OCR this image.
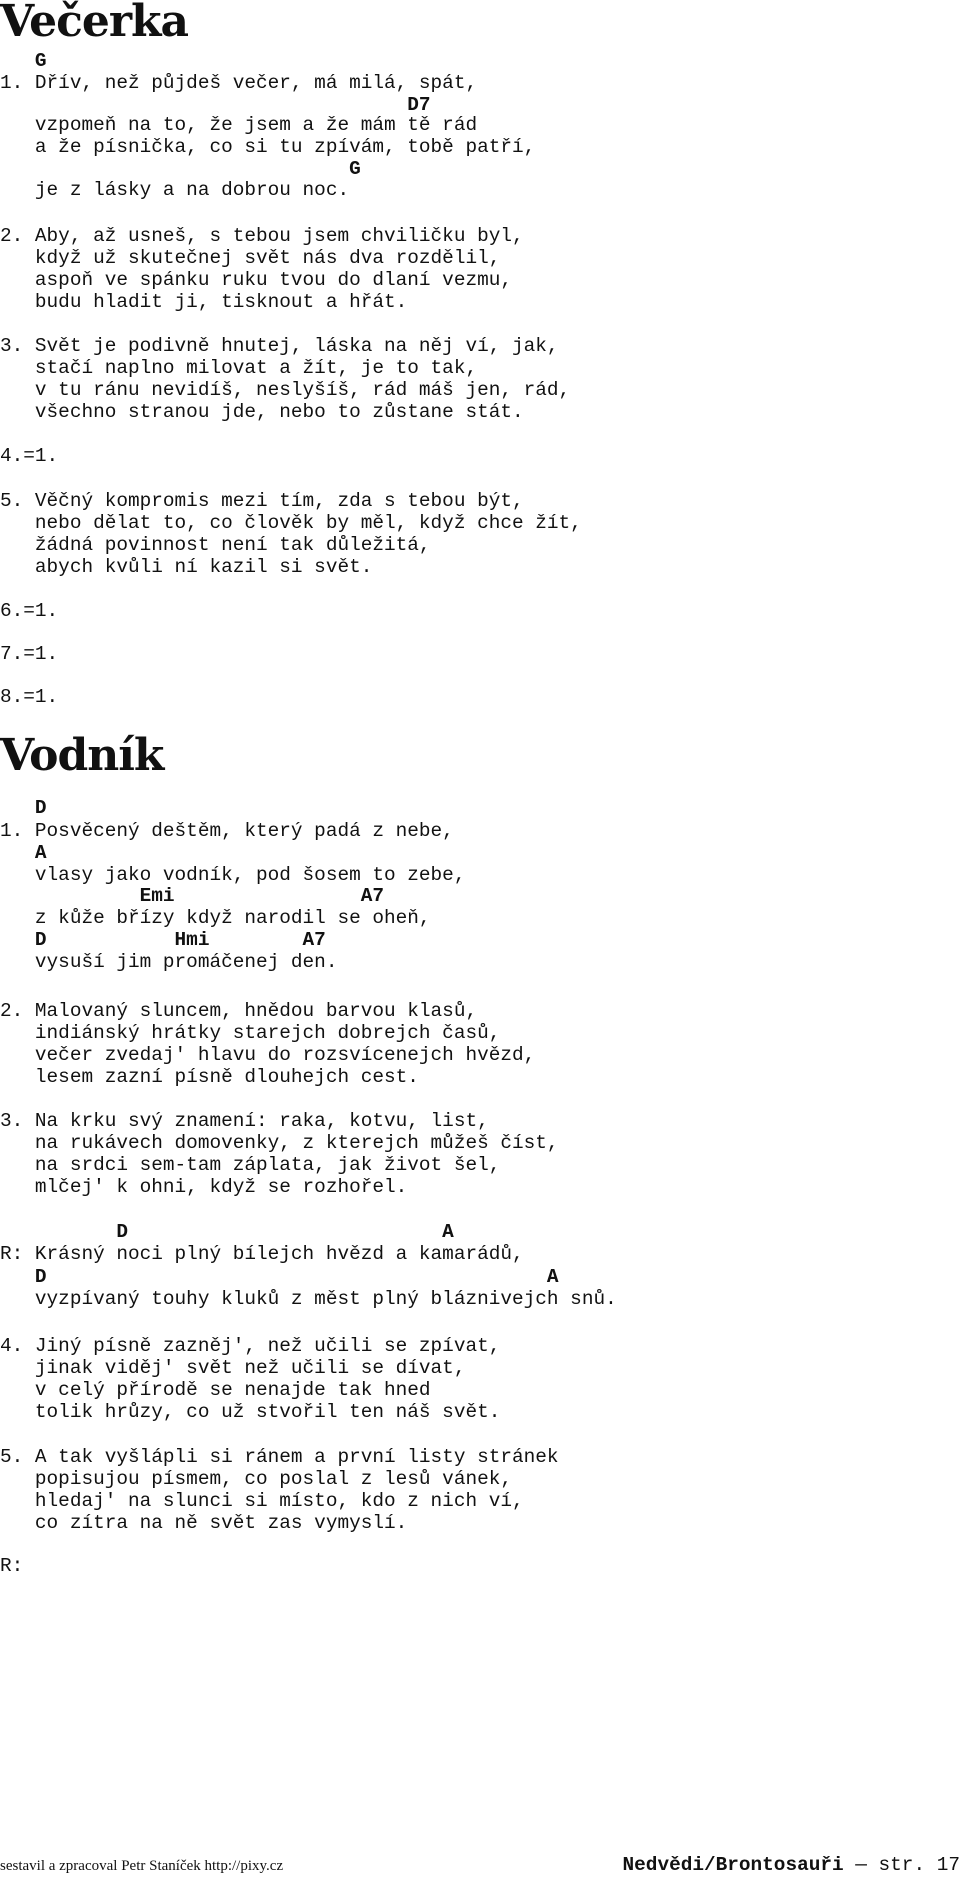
Večerka
G
1. Dřív, než půjdeš večer, má milá, spát,
D7
vzpomeň na to, že jsem a že mám tě rád
a že písnička, co si tu zpívám, tobě patří,
G
je z lásky a na dobrou noc.
2. Aby, až usneš, s tebou jsem chviličku byl,
když už skutečnej svět nás dva rozdělil,
aspoň ve spánku ruku tvou do dlaní vezmu,
budu hladit ji, tisknout a hřát.
3. Svět je podivně hnutej, láska na něj ví, jak,
stačí naplno milovat a žít, je to tak,
v tu ránu nevidíš, neslyšíš, rád máš jen, rád,
všechno stranou jde, nebo to zůstane stát.
4.=1.
5. Věčný kompromis mezi tím, zda s tebou být,
nebo dělat to, co člověk by měl, když chce žít,
žádná povinnost není tak důležitá,
abych kvůli ní kazil si svět.
6.=1.
7.=1.
8.=1.
Vodník
D
1. Posvěcený deštěm, který padá z nebe,
A
vlasy jako vodník, pod šosem to zebe,
Emi                A7
z kůže břízy když narodil se oheň,
D           Hmi        A7
vysuší jim promáčenej den.
2. Malovaný sluncem, hnědou barvou klasů,
indiánský hrátky starejch dobrejch časů,
večer zvedaj' hlavu do rozsvícenejch hvězd,
lesem zazní písně dlouhejch cest.
3. Na krku svý znamení: raka, kotvu, list,
na rukávech domovenky, z kterejch můžeš číst,
na srdci sem-tam záplata, jak život šel,
mlčej' k ohni, když se rozhořel.
D                           A
R: Krásný noci plný bílejch hvězd a kamarádů,
D                                           A
vyzpívaný touhy kluků z měst plný bláznivejch snů.
4. Jiný písně zazněj', než učili se zpívat,
jinak viděj' svět než učili se dívat,
v celý přírodě se nenajde tak hned
tolik hrůzy, co už stvořil ten náš svět.
5. A tak vyšlápli si ránem a první listy stránek
popisujou písmem, co poslal z lesů vánek,
hledaj' na slunci si místo, kdo z nich ví,
co zítra na ně svět zas vymyslí.
R:
sestavil a zpracoval Petr Staníček http://pixy.cz	Nedvědi/Brontosauři — str. 17
